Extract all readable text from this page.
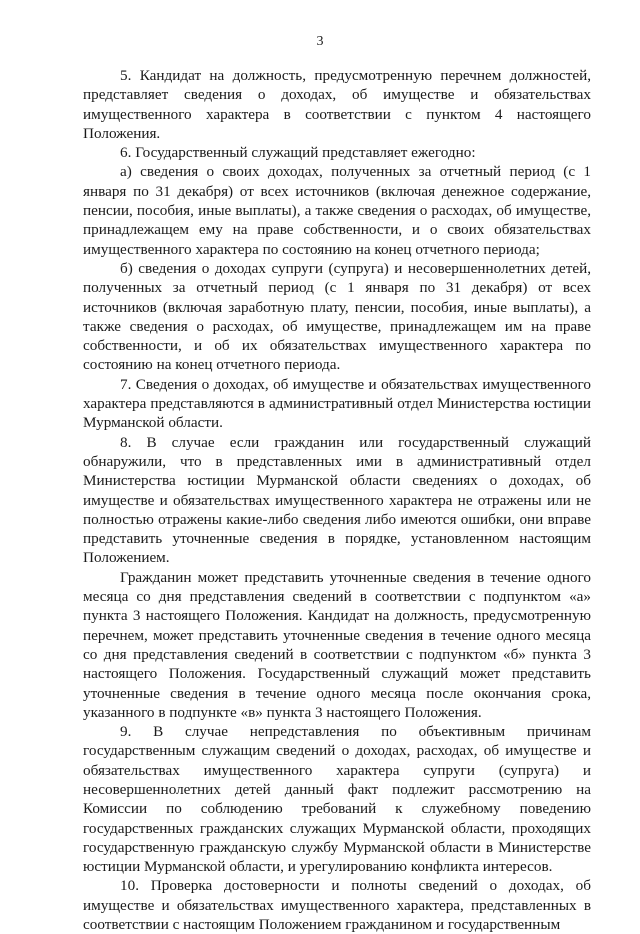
3

5. Кандидат на должность, предусмотренную перечнем должностей, представляет сведения о доходах, об имуществе и обязательствах имущественного характера в соответствии с пунктом 4 настоящего Положения.

6. Государственный служащий представляет ежегодно:

а) сведения о своих доходах, полученных за отчетный период (с 1 января по 31 декабря) от всех источников (включая денежное содержание, пенсии, пособия, иные выплаты), а также сведения о расходах, об имуществе, принадлежащем ему на праве собственности, и о своих обязательствах имущественного характера по состоянию на конец отчетного периода;

б) сведения о доходах супруги (супруга) и несовершеннолетних детей, полученных за отчетный период (с 1 января по 31 декабря) от всех источников (включая заработную плату, пенсии, пособия, иные выплаты), а также сведения о расходах, об имуществе, принадлежащем им на праве собственности, и об их обязательствах имущественного характера по состоянию на конец отчетного периода.

7. Сведения о доходах, об имуществе и обязательствах имущественного характера представляются в административный отдел Министерства юстиции Мурманской области.

8. В случае если гражданин или государственный служащий обнаружили, что в представленных ими в административный отдел Министерства юстиции Мурманской области сведениях о доходах, об имуществе и обязательствах имущественного характера не отражены или не полностью отражены какие-либо сведения либо имеются ошибки, они вправе представить уточненные сведения в порядке, установленном настоящим Положением.

Гражданин может представить уточненные сведения в течение одного месяца со дня представления сведений в соответствии с подпунктом «а» пункта 3 настоящего Положения. Кандидат на должность, предусмотренную перечнем, может представить уточненные сведения в течение одного месяца со дня представления сведений в соответствии с подпунктом «б» пункта 3 настоящего Положения. Государственный служащий может представить уточненные сведения в течение одного месяца после окончания срока, указанного в подпункте «в» пункта 3 настоящего Положения.

9. В случае непредставления по объективным причинам государственным служащим сведений о доходах, расходах, об имуществе и обязательствах имущественного характера супруги (супруга) и несовершеннолетних детей данный факт подлежит рассмотрению на Комиссии по соблюдению требований к служебному поведению государственных гражданских служащих Мурманской области, проходящих государственную гражданскую службу Мурманской области в Министерстве юстиции Мурманской области, и урегулированию конфликта интересов.

10. Проверка достоверности и полноты сведений о доходах, об имуществе и обязательствах имущественного характера, представленных в соответствии с настоящим Положением гражданином и государственным
